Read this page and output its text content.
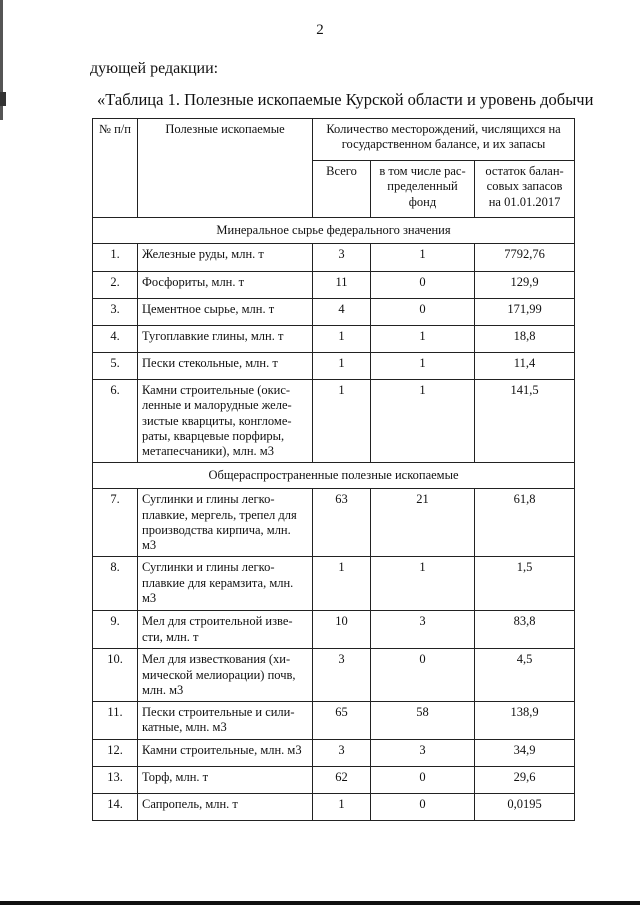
2
дующей редакции:
«Таблица 1. Полезные ископаемые Курской области и уровень добычи
№ п/п	Полезные ископаемые	Количество месторождений, числящихся на государственном балансе, и их запасы		
		Всего	в том числе рас-пределенный фонд	остаток балан-совых запасов на 01.01.2017
Минеральное сырье федерального значения				
1.	Железные руды, млн. т	3	1	7792,76
2.	Фосфориты, млн. т	11	0	129,9
3.	Цементное сырье, млн. т	4	0	171,99
4.	Тугоплавкие глины, млн. т	1	1	18,8
5.	Пески стекольные, млн. т	1	1	11,4
6.	Камни строительные (окис-ленные и малорудные желе-зистые кварциты, конгломе-раты, кварцевые порфиры, метапесчаники), млн. м3	1	1	141,5
Общераспространенные полезные ископаемые				
7.	Суглинки и глины легко-плавкие, мергель, трепел для производства кирпича, млн. м3	63	21	61,8
8.	Суглинки и глины легко-плавкие для керамзита, млн. м3	1	1	1,5
9.	Мел для строительной изве-сти, млн. т	10	3	83,8
10.	Мел для известкования (хи-мической мелиорации) почв, млн. м3	3	0	4,5
11.	Пески строительные и сили-катные, млн. м3	65	58	138,9
12.	Камни строительные, млн. м3	3	3	34,9
13.	Торф, млн. т	62	0	29,6
14.	Сапропель, млн. т	1	0	0,0195
